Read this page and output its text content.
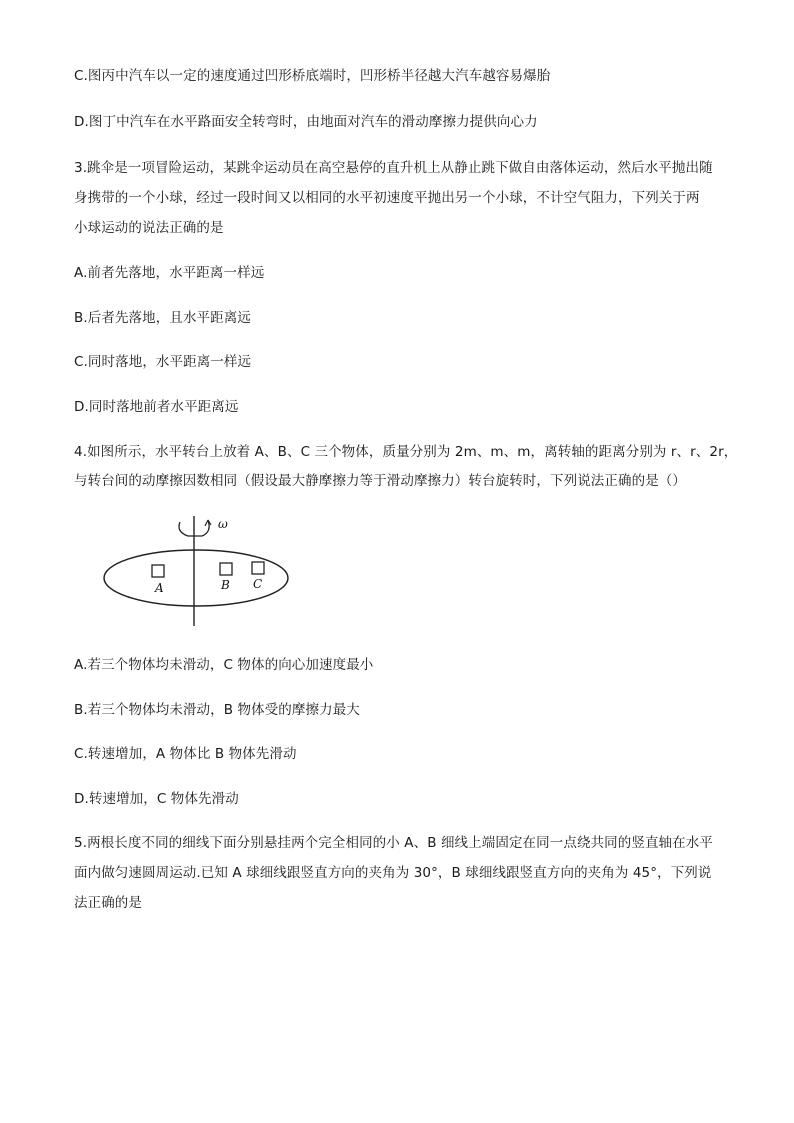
C.图丙中汽车以一定的速度通过凹形桥底端时，凹形桥半径越大汽车越容易爆胎
D.图丁中汽车在水平路面安全转弯时，由地面对汽车的滑动摩擦力提供向心力
3.跳伞是一项冒险运动，某跳伞运动员在高空悬停的直升机上从静止跳下做自由落体运动，然后水平抛出随
身携带的一个小球，经过一段时间又以相同的水平初速度平抛出另一个小球，不计空气阻力，下列关于两
小球运动的说法正确的是
A.前者先落地，水平距离一样远
B.后者先落地，且水平距离远
C.同时落地，水平距离一样远
D.同时落地前者水平距离远
4.如图所示，水平转台上放着 A、B、C 三个物体，质量分别为 2m、m、m，离转轴的距离分别为 r、r、2r，
与转台间的动摩擦因数相同（假设最大静摩擦力等于滑动摩擦力）转台旋转时，下列说法正确的是（）
ω
A	B C
A.若三个物体均未滑动，C 物体的向心加速度最小
B.若三个物体均未滑动，B 物体受的摩擦力最大
C.转速增加，A 物体比 B 物体先滑动
D.转速增加，C 物体先滑动
5.两根长度不同的细线下面分别悬挂两个完全相同的小 A、B 细线上端固定在同一点绕共同的竖直轴在水平
面内做匀速圆周运动.已知 A 球细线跟竖直方向的夹角为 30°，B 球细线跟竖直方向的夹角为 45°，下列说
法正确的是
